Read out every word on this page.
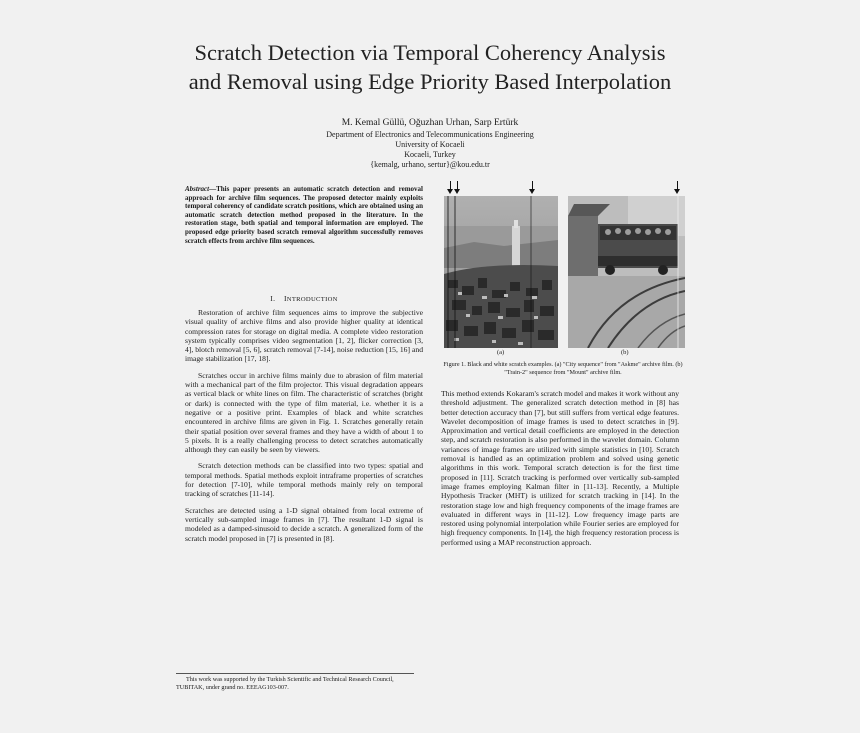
Scratch Detection via Temporal Coherency Analysis
and Removal using Edge Priority Based Interpolation
M. Kemal Güllü, Oğuzhan Urhan, Sarp Ertürk
Department of Electronics and Telecommunications Engineering
University of Kocaeli
Kocaeli, Turkey
{kemalg, urhano, sertur}@kou.edu.tr
Abstract—This paper presents an automatic scratch detection and removal approach for archive film sequences. The proposed detector mainly exploits temporal coherency of candidate scratch positions, which are obtained using an automatic scratch detection method proposed in the literature. In the restoration stage, both spatial and temporal information are employed. The proposed edge priority based scratch removal algorithm successfully removes scratch effects from archive film sequences.
I. INTRODUCTION

Restoration of archive film sequences aims to improve the subjective visual quality of archive films and also provide higher quality at identical compression rates for storage on digital media. A complete video restoration system typically comprises video segmentation [1, 2], flicker correction [3, 4], blotch removal [5, 6], scratch removal [7-14], noise reduction [15, 16] and image stabilization [17, 18].

Scratches occur in archive films mainly due to abrasion of film material with a mechanical part of the film projector. This visual degradation appears as vertical black or white lines on film. The characteristic of scratches (bright or dark) is connected with the type of film material, i.e. whether it is a negative or a positive print. Examples of black and white scratches encountered in archive films are given in Fig. 1. Scratches generally retain their spatial position over several frames and they have a width of about 1 to 5 pixels. It is a really challenging process to detect scratches automatically although they can easily be seen by viewers.

Scratch detection methods can be classified into two types: spatial and temporal methods. Spatial methods exploit intraframe properties of scratches for detection [7-10], while temporal methods mainly rely on temporal tracking of scratches [11-14].

Scratches are detected using a 1-D signal obtained from local extreme of vertically sub-sampled image frames in [7]. The resultant 1-D signal is modeled as a damped-sinusoid to decide a scratch. A generalized form of the scratch model proposed in [7] is presented in [8].

(a)	(b)
Figure 1. Black and white scratch examples. (a) "City sequence" from "Askme" archive film. (b) "Train-2" sequence from "Mount" archive film.

This method extends Kokaram's scratch model and makes it work without any threshold adjustment. The generalized scratch detection method in [8] has better detection accuracy than [7], but still suffers from vertical edge features. Wavelet decomposition of image frames is used to detect scratches in [9]. Approximation and vertical detail coefficients are employed in the detection step, and scratch restoration is also performed in the wavelet domain. Column variances of image frames are utilized with simple statistics in [10]. Scratch removal is handled as an optimization problem and solved using genetic algorithms in this work. Temporal scratch detection is for the first time proposed in [11]. Scratch tracking is performed over vertically sub-sampled image frames employing Kalman filter in [11-13]. Recently, a Multiple Hypothesis Tracker (MHT) is utilized for scratch tracking in [14]. In the restoration stage low and high frequency components of the image frames are evaluated in different ways in [11-12]. Low frequency image parts are restored using polynomial interpolation while Fourier series are employed for high frequency components. In [14], the high frequency restoration process is performed using a MAP reconstruction approach.

This work was supported by the Turkish Scientific and Technical Research Council, TUBITAK, under grand no. EEEAG103-007.
